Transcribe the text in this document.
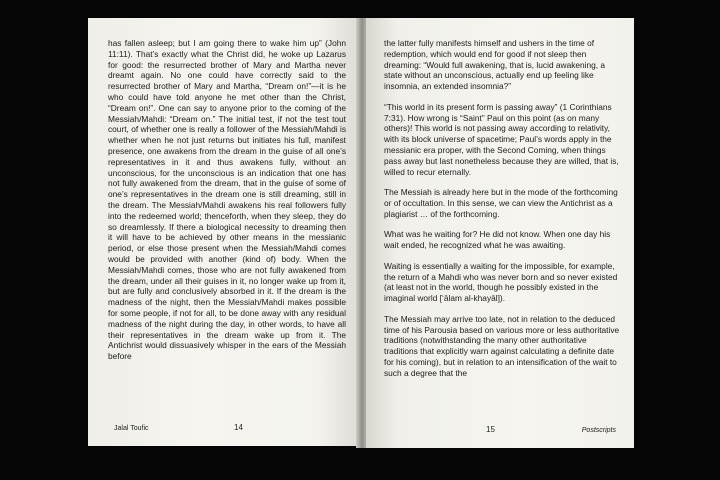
has fallen asleep; but I am going there to wake him up” (John 11:11). That’s exactly what the Christ did, he woke up Lazarus for good: the resurrected brother of Mary and Martha never dreamt again. No one could have correctly said to the resurrected brother of Mary and Martha, “Dream on!”—it is he who could have told anyone he met other than the Christ, “Dream on!”. One can say to anyone prior to the coming of the Messiah/Mahdi: “Dream on.” The initial test, if not the test tout court, of whether one is really a follower of the Messiah/Mahdi is whether when he not just returns but initiates his full, manifest presence, one awakens from the dream in the guise of all one’s representatives in it and thus awakens fully, without an unconscious, for the unconscious is an indication that one has not fully awakened from the dream, that in the guise of some of one’s representatives in the dream one is still dreaming, still in the dream. The Messiah/Mahdi awakens his real followers fully into the redeemed world; thenceforth, when they sleep, they do so dreamlessly. If there a biological necessity to dreaming then it will have to be achieved by other means in the messianic period, or else those present when the Messiah/Mahdi comes would be provided with another (kind of) body. When the Messiah/Mahdi comes, those who are not fully awakened from the dream, under all their guises in it, no longer wake up from it, but are fully and conclusively absorbed in it. If the dream is the madness of the night, then the Messiah/Mahdi makes possible for some people, if not for all, to be done away with any residual madness of the night during the day, in other words, to have all their representatives in the dream wake up from it. The Antichrist would dissuasively whisper in the ears of the Messiah before

Jalal Toufic	14

the latter fully manifests himself and ushers in the time of redemption, which would end for good if not sleep then dreaming: “Would full awakening, that is, lucid awakening, a state without an unconscious, actually end up feeling like insomnia, an extended insomnia?”

“This world in its present form is passing away” (1 Corinthians 7:31). How wrong is “Saint” Paul on this point (as on many others)! This world is not passing away according to relativity, with its block universe of spacetime; Paul’s words apply in the messianic era proper, with the Second Coming, when things pass away but last nonetheless because they are willed, that is, willed to recur eternally.

The Messiah is already here but in the mode of the forthcoming or of occultation. In this sense, we can view the Antichrist as a plagiarist … of the forthcoming.

What was he waiting for? He did not know. When one day his wait ended, he recognized what he was awaiting.

Waiting is essentially a waiting for the impossible, for example, the return of a Mahdi who was never born and so never existed (at least not in the world, though he possibly existed in the imaginal world [‘ālam al-khayāl]).

The Messiah may arrive too late, not in relation to the deduced time of his Parousia based on various more or less authoritative traditions (notwithstanding the many other authoritative traditions that explicitly warn against calculating a definite date for his coming), but in relation to an intensification of the wait to such a degree that the

15	Postscripts
